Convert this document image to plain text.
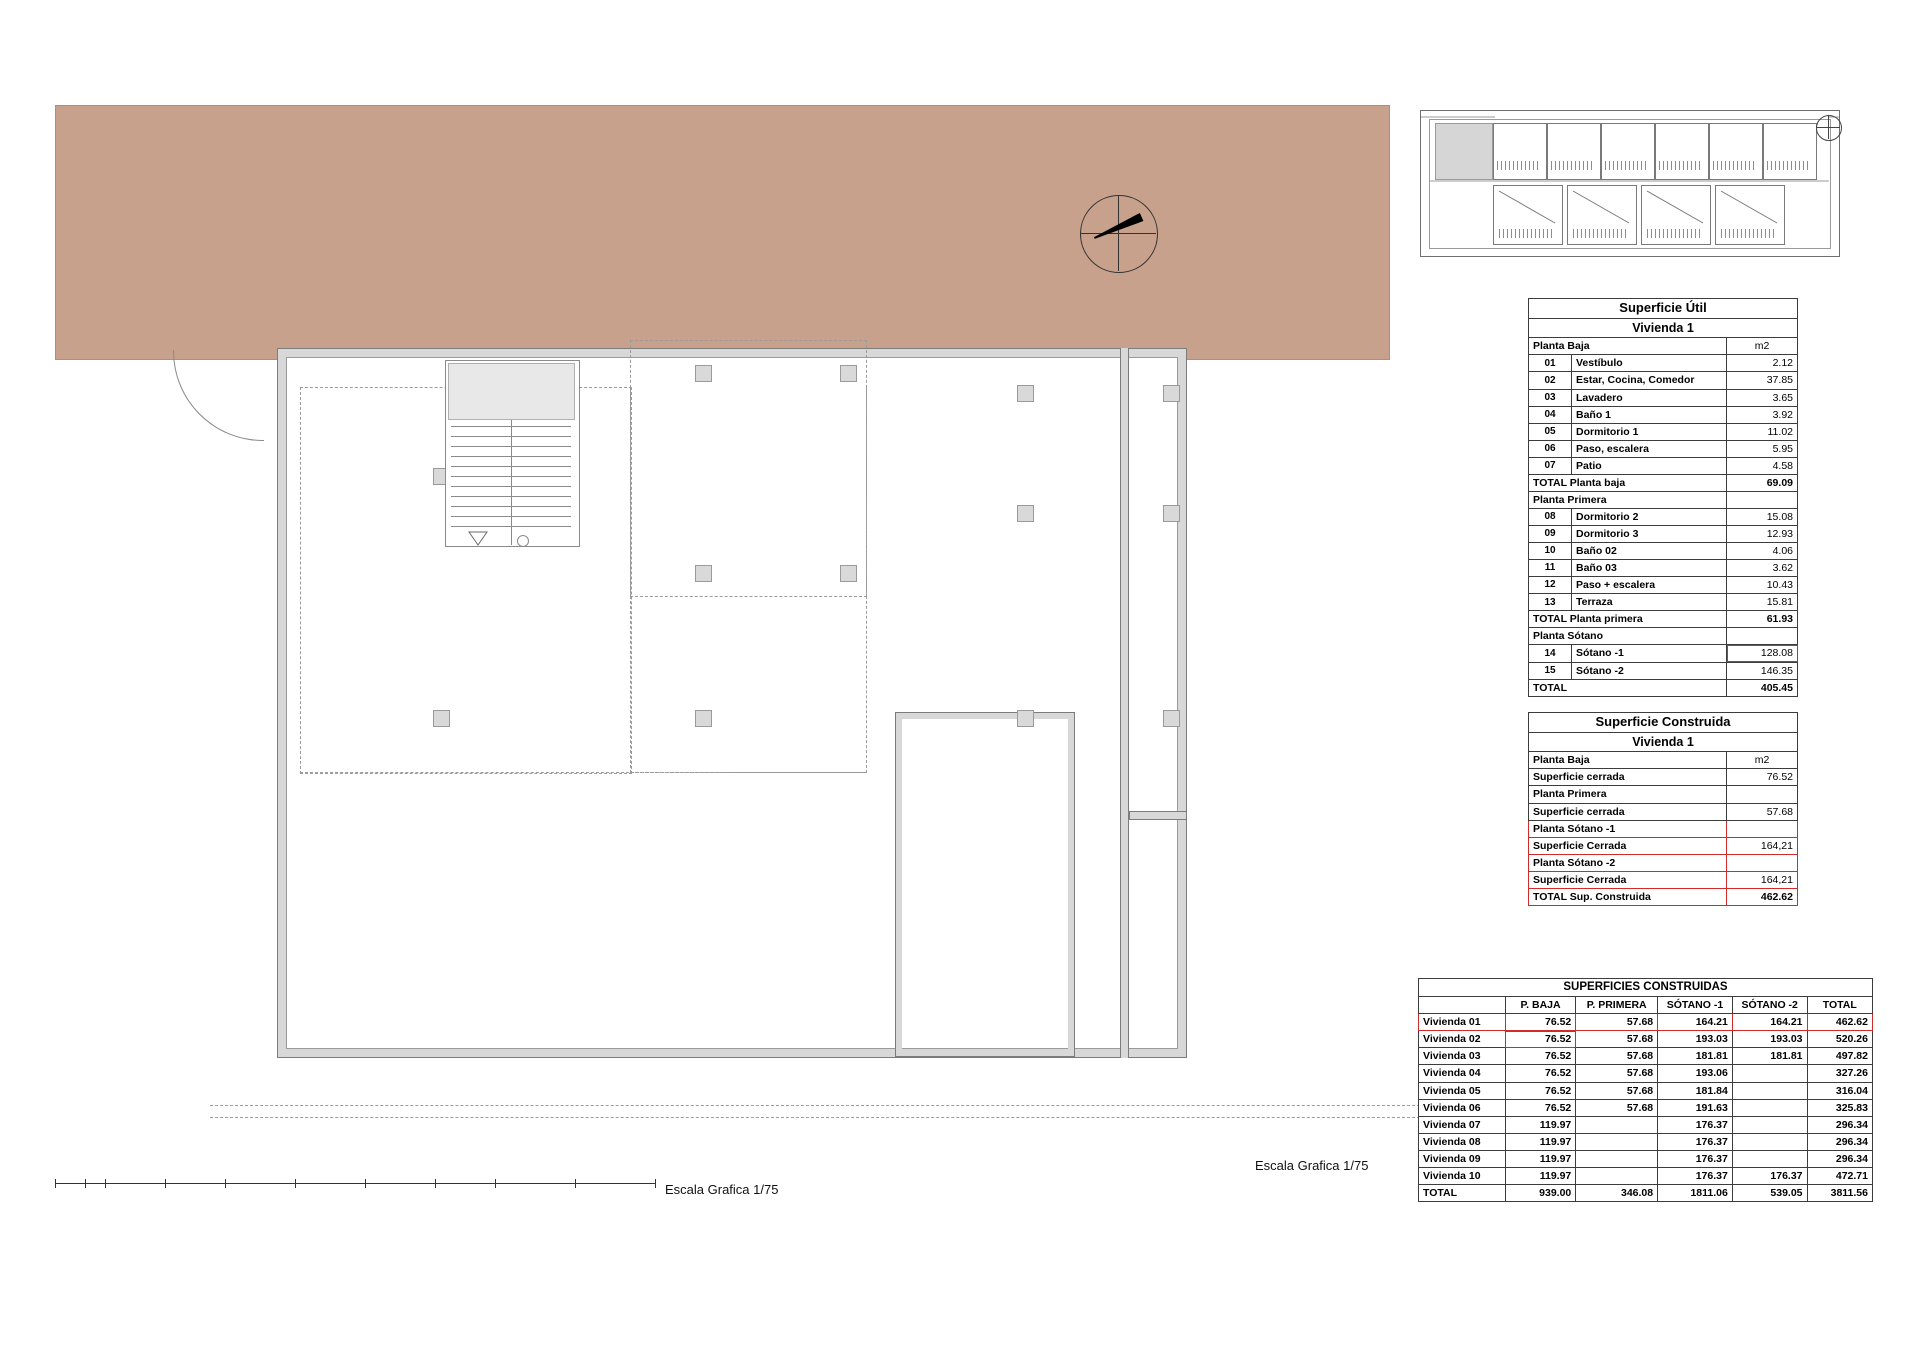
Escala Grafica 1/75
Escala Grafica 1/75
Superficie Útil		
Vivienda 1		
Planta Baja		m2
01	Vestíbulo	2.12
02	Estar, Cocina, Comedor	37.85
03	Lavadero	3.65
04	Baño 1	3.92
05	Dormitorio 1	11.02
06	Paso, escalera	5.95
07	Patio	4.58
TOTAL Planta baja		69.09
Planta Primera		
08	Dormitorio 2	15.08
09	Dormitorio 3	12.93
10	Baño 02	4.06
11	Baño 03	3.62
12	Paso + escalera	10.43
13	Terraza	15.81
TOTAL Planta primera		61.93
Planta Sótano		
14	Sótano -1	128.08
15	Sótano -2	146.35
TOTAL		405.45
Superficie Construida	
Vivienda 1	
Planta Baja	m2
Superficie cerrada	76.52
Planta Primera	
Superficie cerrada	57.68
Planta Sótano -1	
Superficie Cerrada	164,21
Planta Sótano -2	
Superficie Cerrada	164,21
TOTAL Sup. Construida	462.62
SUPERFICIES CONSTRUIDAS					
	P. BAJA	P. PRIMERA	SÓTANO -1	SÓTANO -2	TOTAL
Vivienda 01	76.52	57.68	164.21	164.21	462.62
Vivienda 02	76.52	57.68	193.03	193.03	520.26
Vivienda 03	76.52	57.68	181.81	181.81	497.82
Vivienda 04	76.52	57.68	193.06		327.26
Vivienda 05	76.52	57.68	181.84		316.04
Vivienda 06	76.52	57.68	191.63		325.83
Vivienda 07	119.97		176.37		296.34
Vivienda 08	119.97		176.37		296.34
Vivienda 09	119.97		176.37		296.34
Vivienda 10	119.97		176.37	176.37	472.71
TOTAL	939.00	346.08	1811.06	539.05	3811.56
